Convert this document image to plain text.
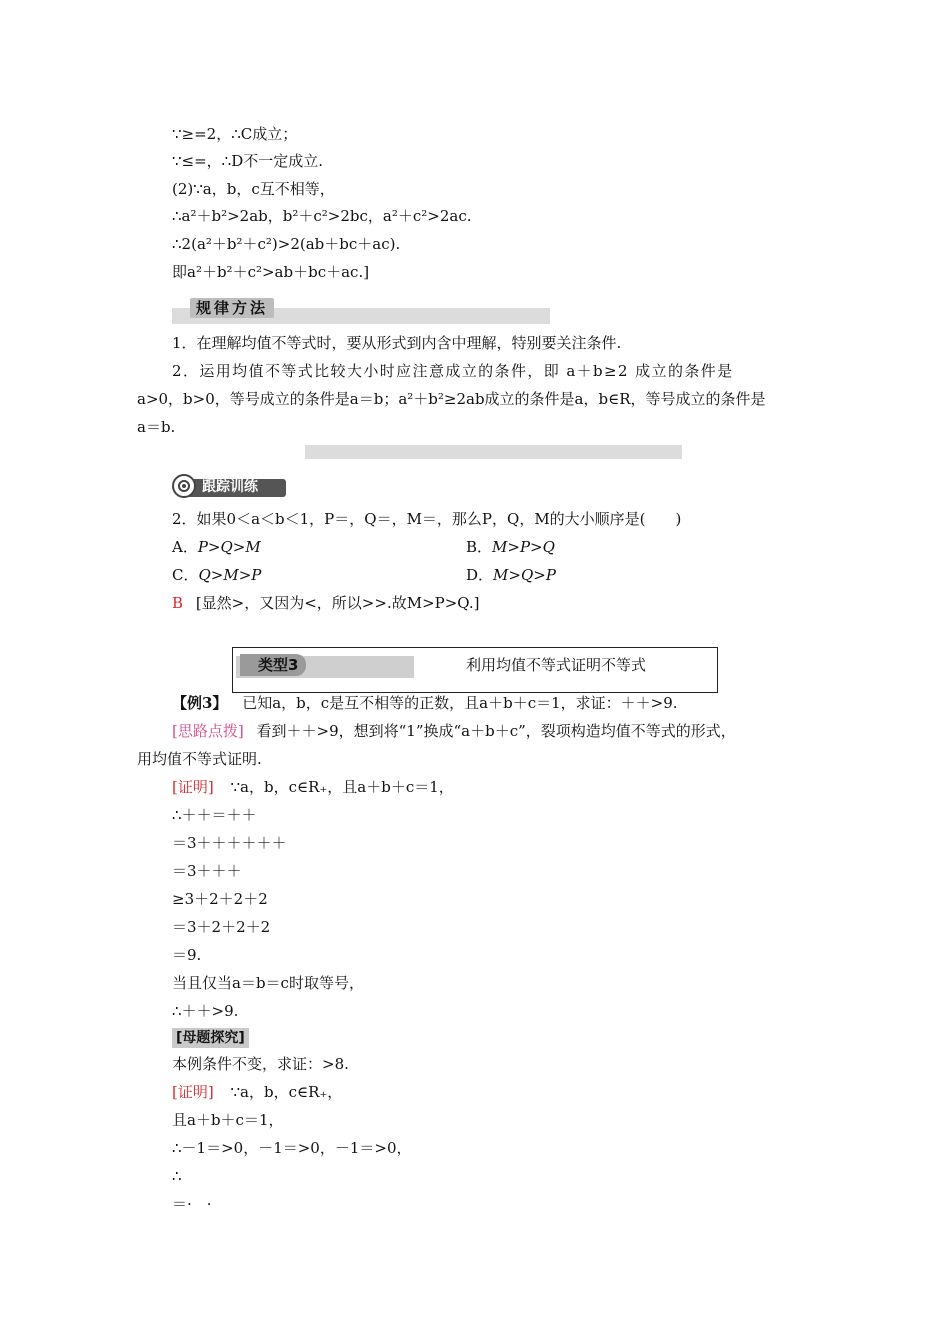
∵≥=2，∴C成立；
∵≤=，∴D不一定成立.
(2)∵a，b，c互不相等，
∴a²＋b²>2ab，b²＋c²>2bc，a²＋c²>2ac.
∴2(a²＋b²＋c²)>2(ab＋bc＋ac).
即a²＋b²＋c²>ab＋bc＋ac.]
规律方法
1．在理解均值不等式时，要从形式到内含中理解，特别要关注条件.
2．运用均值不等式比较大小时应注意成立的条件，即 a＋b≥2 成立的条件是
a>0，b>0，等号成立的条件是a＝b；a²＋b²≥2ab成立的条件是a，b∈R，等号成立的条件是
a＝b.
跟踪训练
2．如果0＜a＜b＜1，P＝，Q＝，M＝，那么P，Q，M的大小顺序是(　　)
A．P>Q>M	B．M>P>Q
C．Q>M>P	D．M>Q>P
B [显然>，又因为<，所以>>.故M>P>Q.]
类型3	利用均值不等式证明不等式
【例3】 已知a，b，c是互不相等的正数，且a＋b＋c＝1，求证：＋＋>9.
[思路点拨] 看到＋＋>9，想到将“1”换成“a＋b＋c”，裂项构造均值不等式的形式，
用均值不等式证明.
[证明] ∵a，b，c∈R₊，且a＋b＋c＝1，
∴＋＋＝＋＋
＝3＋＋＋＋＋＋
＝3＋＋＋
≥3＋2＋2＋2
＝3＋2＋2＋2
＝9.
当且仅当a＝b＝c时取等号，
∴＋＋>9.
[母题探究]
本例条件不变，求证：>8.
[证明] ∵a，b，c∈R₊，
且a＋b＋c＝1，
∴－1＝>0，－1＝>0，－1＝>0，
∴
＝·　·
